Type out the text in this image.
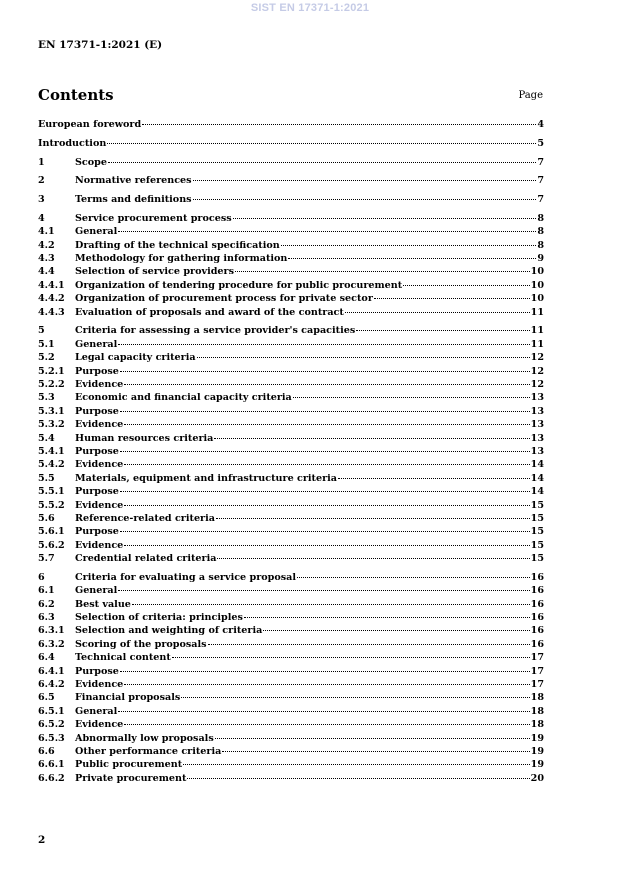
SIST EN 17371-1:2021
EN 17371-1:2021 (E)
Contents	Page
European foreword	4
Introduction	5
1	Scope	7
2	Normative references	7
3	Terms and definitions	7
4	Service procurement process	8
4.1	General	8
4.2	Drafting of the technical specification	8
4.3	Methodology for gathering information	9
4.4	Selection of service providers	10
4.4.1	Organization of tendering procedure for public procurement	10
4.4.2	Organization of procurement process for private sector	10
4.4.3	Evaluation of proposals and award of the contract	11
5	Criteria for assessing a service provider's capacities	11
5.1	General	11
5.2	Legal capacity criteria	12
5.2.1	Purpose	12
5.2.2	Evidence	12
5.3	Economic and financial capacity criteria	13
5.3.1	Purpose	13
5.3.2	Evidence	13
5.4	Human resources criteria	13
5.4.1	Purpose	13
5.4.2	Evidence	14
5.5	Materials, equipment and infrastructure criteria	14
5.5.1	Purpose	14
5.5.2	Evidence	15
5.6	Reference-related criteria	15
5.6.1	Purpose	15
5.6.2	Evidence	15
5.7	Credential related criteria	15
6	Criteria for evaluating a service proposal	16
6.1	General	16
6.2	Best value	16
6.3	Selection of criteria: principles	16
6.3.1	Selection and weighting of criteria	16
6.3.2	Scoring of the proposals	16
6.4	Technical content	17
6.4.1	Purpose	17
6.4.2	Evidence	17
6.5	Financial proposals	18
6.5.1	General	18
6.5.2	Evidence	18
6.5.3	Abnormally low proposals	19
6.6	Other performance criteria	19
6.6.1	Public procurement	19
6.6.2	Private procurement	20
2
